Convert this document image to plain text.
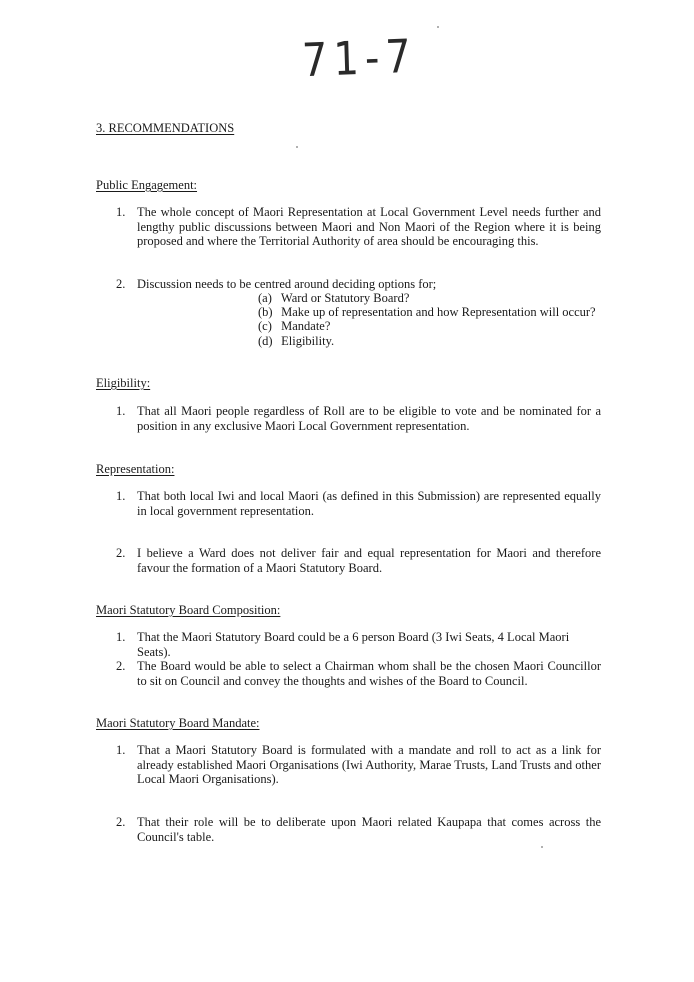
71-7
3. RECOMMENDATIONS
Public Engagement:
1. The whole concept of Maori Representation at Local Government Level needs further and lengthy public discussions between Maori and Non Maori of the Region where it is being proposed and where the Territorial Authority of area should be encouraging this.
2. Discussion needs to be centred around deciding options for;
(a) Ward or Statutory Board?
(b) Make up of representation and how Representation will occur?
(c) Mandate?
(d) Eligibility.
Eligibility:
1. That all Maori people regardless of Roll are to be eligible to vote and be nominated for a position in any exclusive Maori Local Government representation.
Representation:
1. That both local Iwi and local Maori (as defined in this Submission) are represented equally in local government representation.
2. I believe a Ward does not deliver fair and equal representation for Maori and therefore favour the formation of a Maori Statutory Board.
Maori Statutory Board Composition:
1. That the Maori Statutory Board could be a 6 person Board (3 Iwi Seats, 4 Local Maori Seats).
2. The Board would be able to select a Chairman whom shall be the chosen Maori Councillor to sit on Council and convey the thoughts and wishes of the Board to Council.
Maori Statutory Board Mandate:
1. That a Maori Statutory Board is formulated with a mandate and roll to act as a link for already established Maori Organisations (Iwi Authority, Marae Trusts, Land Trusts and other Local Maori Organisations).
2. That their role will be to deliberate upon Maori related Kaupapa that comes across the Council's table.
